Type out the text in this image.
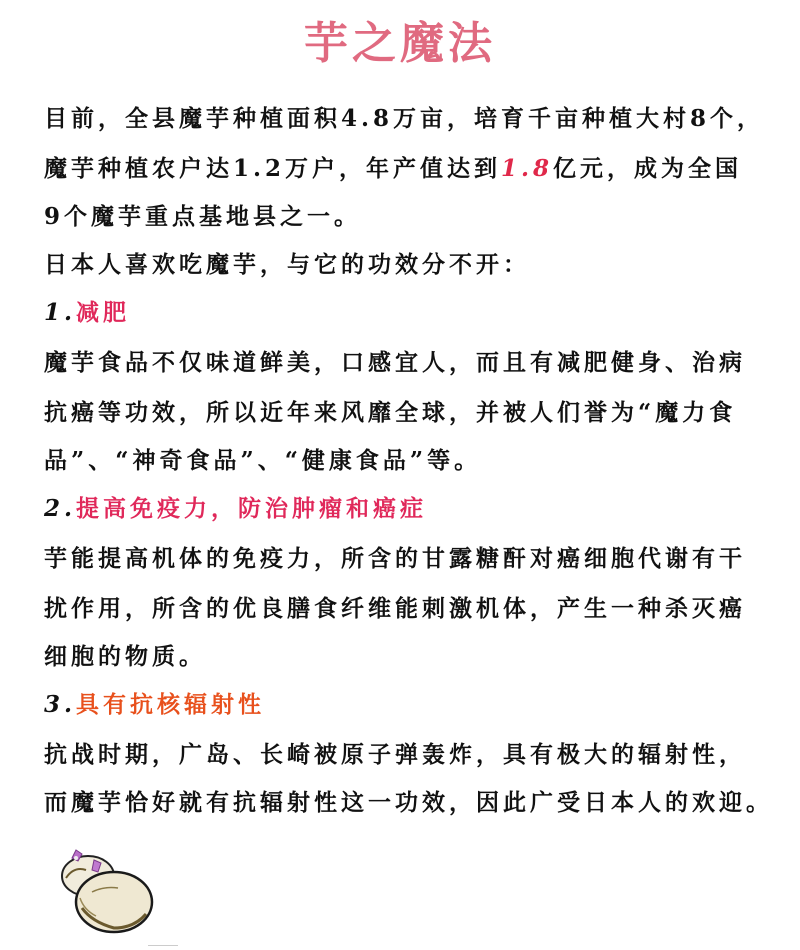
芋之魔法
目前，全县魔芋种植面积4.8万亩，培育千亩种植大村8个，
魔芋种植农户达1.2万户，年产值达到1.8亿元，成为全国
9个魔芋重点基地县之一。
日本人喜欢吃魔芋，与它的功效分不开：
1.减肥
魔芋食品不仅味道鲜美，口感宜人，而且有减肥健身、治病
抗癌等功效，所以近年来风靡全球，并被人们誉为“魔力食
品”、“神奇食品”、“健康食品”等。
2.提高免疫力，防治肿瘤和癌症
芋能提高机体的免疫力，所含的甘露糖酐对癌细胞代谢有干
扰作用，所含的优良膳食纤维能刺激机体，产生一种杀灭癌
细胞的物质。
3.具有抗核辐射性
抗战时期，广岛、长崎被原子弹轰炸，具有极大的辐射性，
而魔芋恰好就有抗辐射性这一功效，因此广受日本人的欢迎。
